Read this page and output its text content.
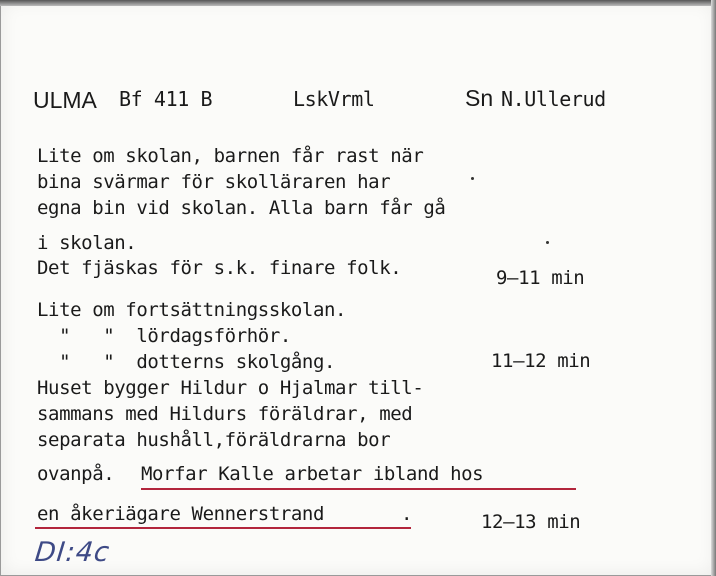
ULMA Bf 411 B	LskVrml	Sn N.Ullerud
Lite om skolan, barnen får rast när
bina svärmar för skolläraren har
egna bin vid skolan. Alla barn får gå
i skolan.
Det fjäskas för s.k. finare folk.	9–11 min
Lite om fortsättningsskolan.
"   "  lördagsförhör.
"   "  dotterns skolgång.	11–12 min
Huset bygger Hildur o Hjalmar till-
sammans med Hildurs föräldrar, med
separata hushåll,föräldrarna bor
ovanpå. Morfar Kalle arbetar ibland hos
en åkeriägare Wennerstrand	.	12–13 min
DI:4c
